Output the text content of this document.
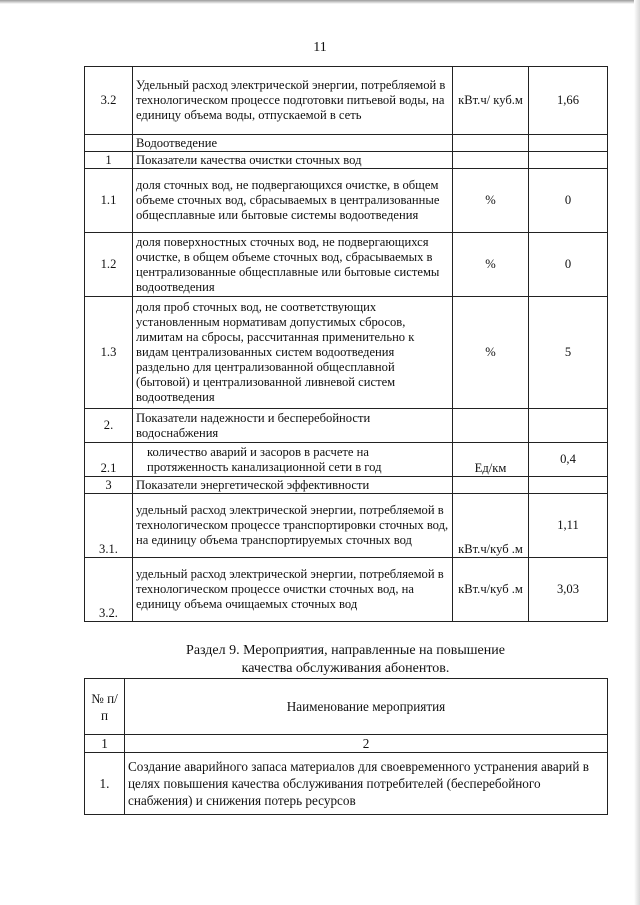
11
3.2	Удельный расход электрической энергии, потребляемой в технологическом процессе подготовки питьевой воды, на единицу объема воды, отпускаемой в сеть	кВт.ч/ куб.м	1,66
	Водоотведение		
1	Показатели качества очистки сточных вод		
1.1	доля сточных вод, не подвергающихся очистке, в общем объеме сточных вод, сбрасываемых в централизованные общесплавные или бытовые системы водоотведения	%	0
1.2	доля поверхностных сточных вод, не подвергающихся очистке, в общем объеме сточных вод, сбрасываемых в централизованные общесплавные или бытовые системы водоотведения	%	0
1.3	доля проб сточных вод, не соответствующих установленным нормативам допустимых сбросов, лимитам на сбросы, рассчитанная применительно к видам централизованных систем водоотведения раздельно для централизованной общесплавной (бытовой) и централизованной ливневой систем водоотведения	%	5
2.	Показатели надежности и бесперебойности водоснабжения		
2.1	количество аварий и засоров в расчете на протяженность канализационной сети в год	Ед/км	0,4
3	Показатели энергетической эффективности		
3.1.	удельный расход электрической энергии, потребляемой в технологическом процессе транспортировки сточных вод, на единицу объема транспортируемых сточных вод	кВт.ч/куб .м	1,11
3.2.	удельный расход электрической энергии, потребляемой в технологическом процессе очистки сточных вод, на единицу объема очищаемых сточных вод	кВт.ч/куб .м	3,03
Раздел 9. Мероприятия, направленные на повышение
качества обслуживания абонентов.
№ п/ п	Наименование мероприятия
1	2
1.	Создание аварийного запаса материалов для своевременного устранения аварий в целях повышения качества обслуживания потребителей (бесперебойного снабжения) и снижения потерь ресурсов
